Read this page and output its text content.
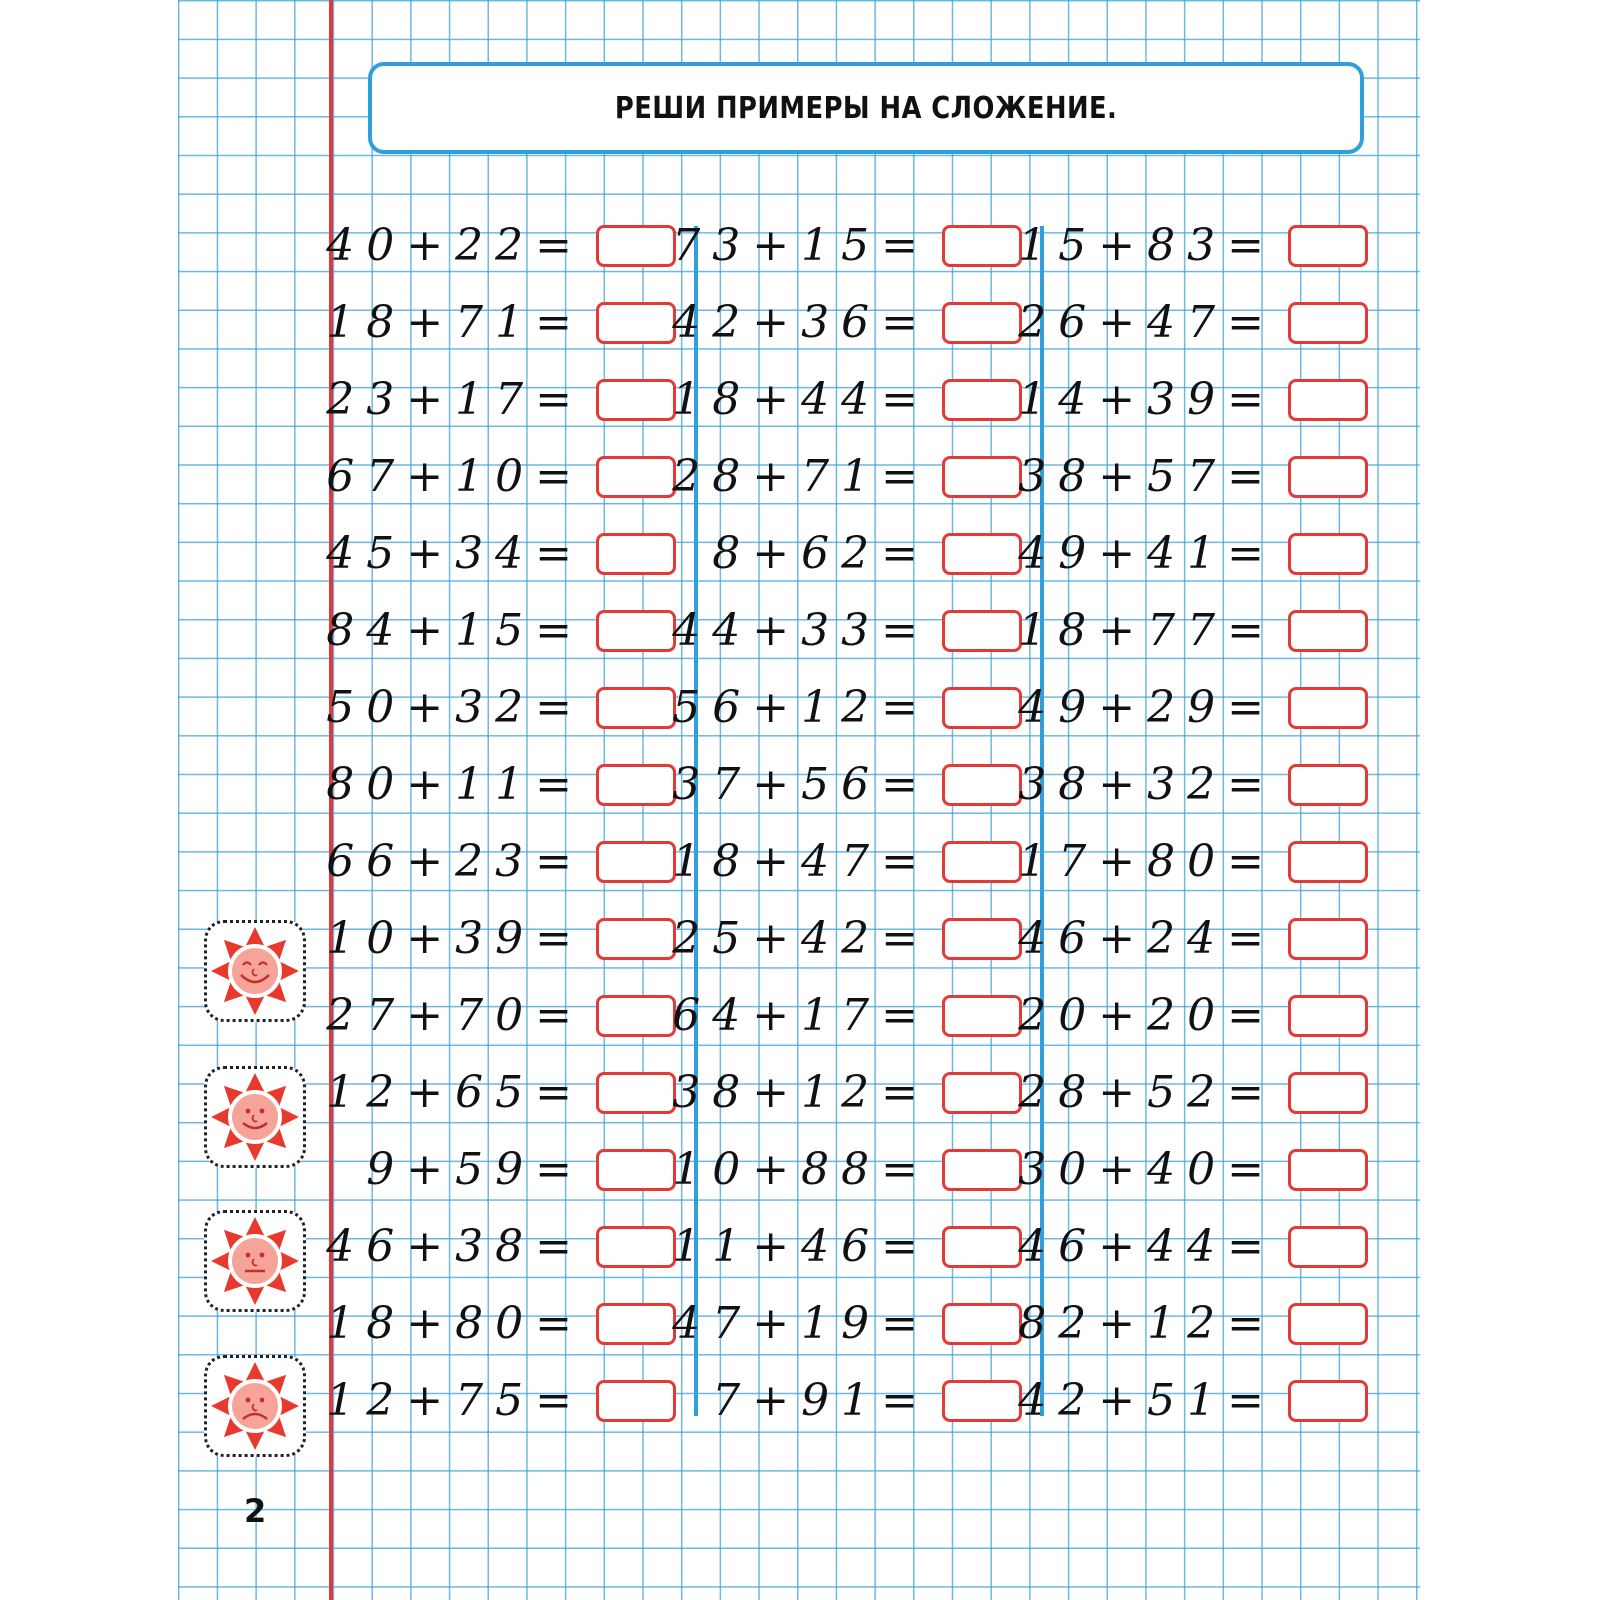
РЕШИ ПРИМЕРЫ НА СЛОЖЕНИЕ.
40+22=
18+71=
23+17=
67+10=
45+34=
84+15=
50+32=
80+11=
66+23=
10+39=
27+70=
12+65=
9+59=
46+38=
18+80=
12+75=
73+15=
42+36=
18+44=
28+71=
8+62=
44+33=
56+12=
37+56=
18+47=
25+42=
64+17=
38+12=
10+88=
11+46=
47+19=
7+91=
15+83=
26+47=
14+39=
38+57=
49+41=
18+77=
49+29=
38+32=
17+80=
46+24=
20+20=
28+52=
30+40=
46+44=
82+12=
42+51=
2
